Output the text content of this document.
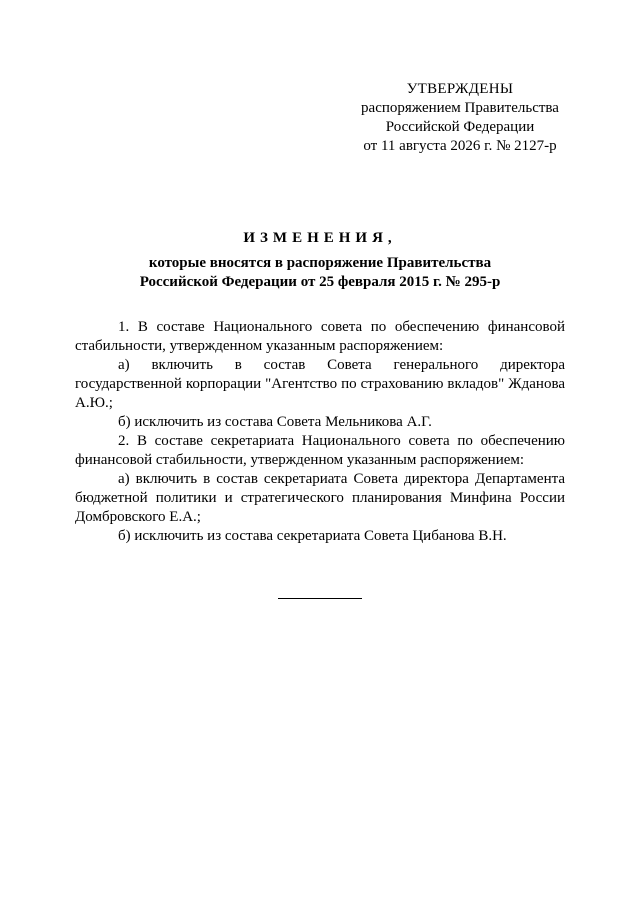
УТВЕРЖДЕНЫ
распоряжением Правительства
Российской Федерации
от 11 августа 2026 г. № 2127-р
ИЗМЕНЕНИЯ,
которые вносятся в распоряжение Правительства
Российской Федерации от 25 февраля 2015 г. № 295-р

1. В составе Национального совета по обеспечению финансовой стабильности, утвержденном указанным распоряжением:

а) включить в состав Совета генерального директора государственной корпорации "Агентство по страхованию вкладов" Жданова А.Ю.;

б) исключить из состава Совета Мельникова А.Г.

2. В составе секретариата Национального совета по обеспечению финансовой стабильности, утвержденном указанным распоряжением:

а) включить в состав секретариата Совета директора Департамента бюджетной политики и стратегического планирования Минфина России Домбровского Е.А.;

б) исключить из состава секретариата Совета Цибанова В.Н.
